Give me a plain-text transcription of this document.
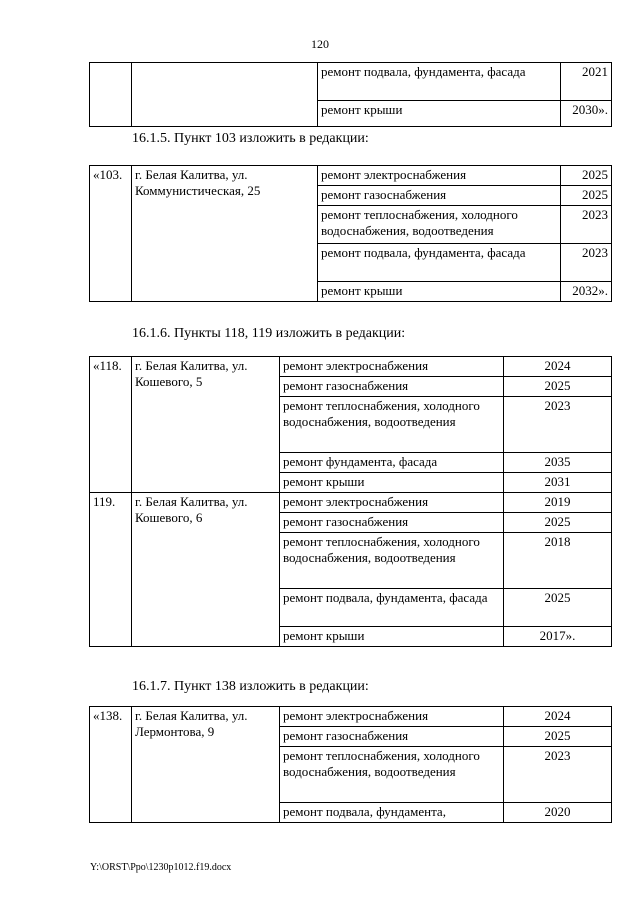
120
		ремонт подвала, фундамента, фасада	2021
		ремонт крыши	2030».
16.1.5. Пункт 103 изложить в редакции:
«103.	г. Белая Калитва, ул. Коммунистическая, 25	ремонт электроснабжения	2025
		ремонт газоснабжения	2025
		ремонт теплоснабжения, холодного водоснабжения, водоотведения	2023
		ремонт подвала, фундамента, фасада	2023
		ремонт крыши	2032».
16.1.6. Пункты 118, 119 изложить в редакции:
«118.	г. Белая Калитва, ул. Кошевого, 5	ремонт электроснабжения	2024
		ремонт газоснабжения	2025
		ремонт теплоснабжения, холодного водоснабжения, водоотведения	2023
		ремонт фундамента, фасада	2035
		ремонт крыши	2031
119.	г. Белая Калитва, ул. Кошевого, 6	ремонт электроснабжения	2019
		ремонт газоснабжения	2025
		ремонт теплоснабжения, холодного водоснабжения, водоотведения	2018
		ремонт подвала, фундамента, фасада	2025
		ремонт крыши	2017».
16.1.7. Пункт 138 изложить в редакции:
«138.	г. Белая Калитва, ул. Лермонтова, 9	ремонт электроснабжения	2024
		ремонт газоснабжения	2025
		ремонт теплоснабжения, холодного водоснабжения, водоотведения	2023
		ремонт подвала, фундамента,	2020
Y:\ORST\Ppo\1230p1012.f19.docx
